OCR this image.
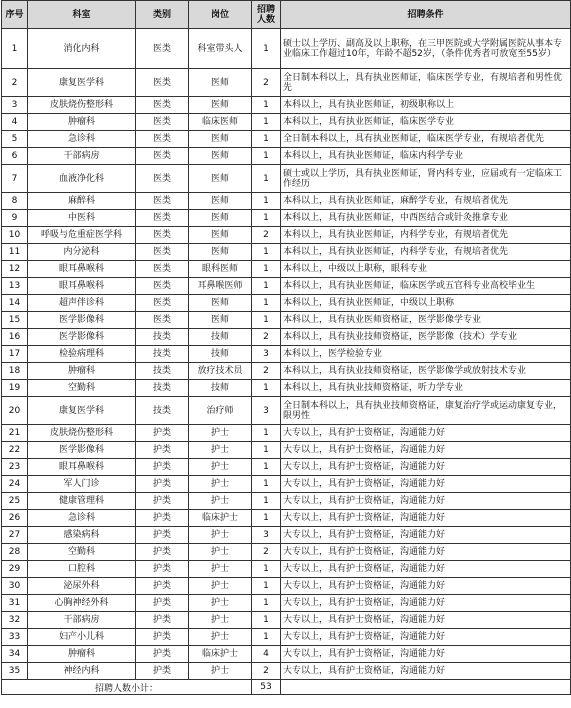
序号	科室	类别	岗位	招聘人数	招聘条件
1	消化内科	医类	科室带头人	1	硕士以上学历、副高及以上职称，在三甲医院或大学附属医院从事本专业临床工作超过10年，年龄不超52岁，（条件优秀者可放宽至55岁）
2	康复医学科	医类	医师	2	全日制本科以上，具有执业医师证，临床医学专业，有规培者和男性优先
3	皮肤烧伤整形科	医类	医师	1	本科以上，具有执业医师证，初级职称以上
4	肿瘤科	医类	临床医师	1	本科以上，具有执业医师证，临床医学专业
5	急诊科	医类	医师	1	全日制本科以上，具有执业医师证，临床医学专业，有规培者优先
6	干部病房	医类	医师	1	本科以上，具有执业医师证，临床内科学专业
7	血液净化科	医类	医师	1	硕士或以上学历，具有执业医师证，肾内科专业，应届或有一定临床工作经历
8	麻醉科	医类	医师	1	本科以上，具有执业医师证，麻醉学专业，有规培者优先
9	中医科	医类	医师	1	本科以上，具有执业医师证，中西医结合或针灸推拿专业
10	呼吸与危重症医学科	医类	医师	2	本科以上，具有执业医师证，内科学专业，有规培者优先
11	内分泌科	医类	医师	1	本科以上，具有执业医师证，内科学专业，有规培者优先
12	眼耳鼻喉科	医类	眼科医师	1	本科以上，中级以上职称，眼科专业
13	眼耳鼻喉科	医类	耳鼻喉医师	1	本科以上，具有执业医师证，临床医学或五官科专业高校毕业生
14	超声伴诊科	医类	医师	1	本科以上，具有执业医师证，中级以上职称
15	医学影像科	医类	医师	1	本科以上，具有执业医师资格证，医学影像学专业
16	医学影像科	技类	技师	2	本科以上，具有执业技师资格证，医学影像（技术）学专业
17	检验病理科	技类	技师	3	本科以上，医学检验专业
18	肿瘤科	技类	放疗技术员	2	本科以上，具有执业技师资格证，医学影像学或放射技术专业
19	空勤科	技类	技师	1	本科以上，具有执业技师资格证，听力学专业
20	康复医学科	技类	治疗师	3	全日制本科以上，具有执业技师资格证，康复治疗学或运动康复专业，限男性
21	皮肤烧伤整形科	护类	护士	1	大专以上，具有护士资格证，沟通能力好
22	医学影像科	护类	护士	1	大专以上，具有护士资格证，沟通能力好
23	眼耳鼻喉科	护类	护士	1	大专以上，具有护士资格证，沟通能力好
24	军人门诊	护类	护士	1	大专以上，具有护士资格证，沟通能力好
25	健康管理科	护类	护士	1	大专以上，具有护士资格证，沟通能力好
26	急诊科	护类	临床护士	1	大专以上，具有护士资格证，沟通能力好
27	感染病科	护类	护士	3	大专以上，具有护士资格证，沟通能力好
28	空勤科	护类	护士	2	大专以上，具有护士资格证，沟通能力好
29	口腔科	护类	护士	1	大专以上，具有护士资格证，沟通能力好
30	泌尿外科	护类	护士	1	大专以上，具有护士资格证，沟通能力好
31	心胸神经外科	护类	护士	1	大专以上，具有护士资格证，沟通能力好
32	干部病房	护类	护士	1	大专以上，具有护士资格证，沟通能力好
33	妇产小儿科	护类	护士	1	大专以上，具有护士资格证，沟通能力好
34	肿瘤科	护类	临床护士	4	大专以上，具有护士资格证，沟通能力好
35	神经内科	护类	护士	2	大专以上，具有护士资格证，沟通能力好
招聘人数小计：				53	
